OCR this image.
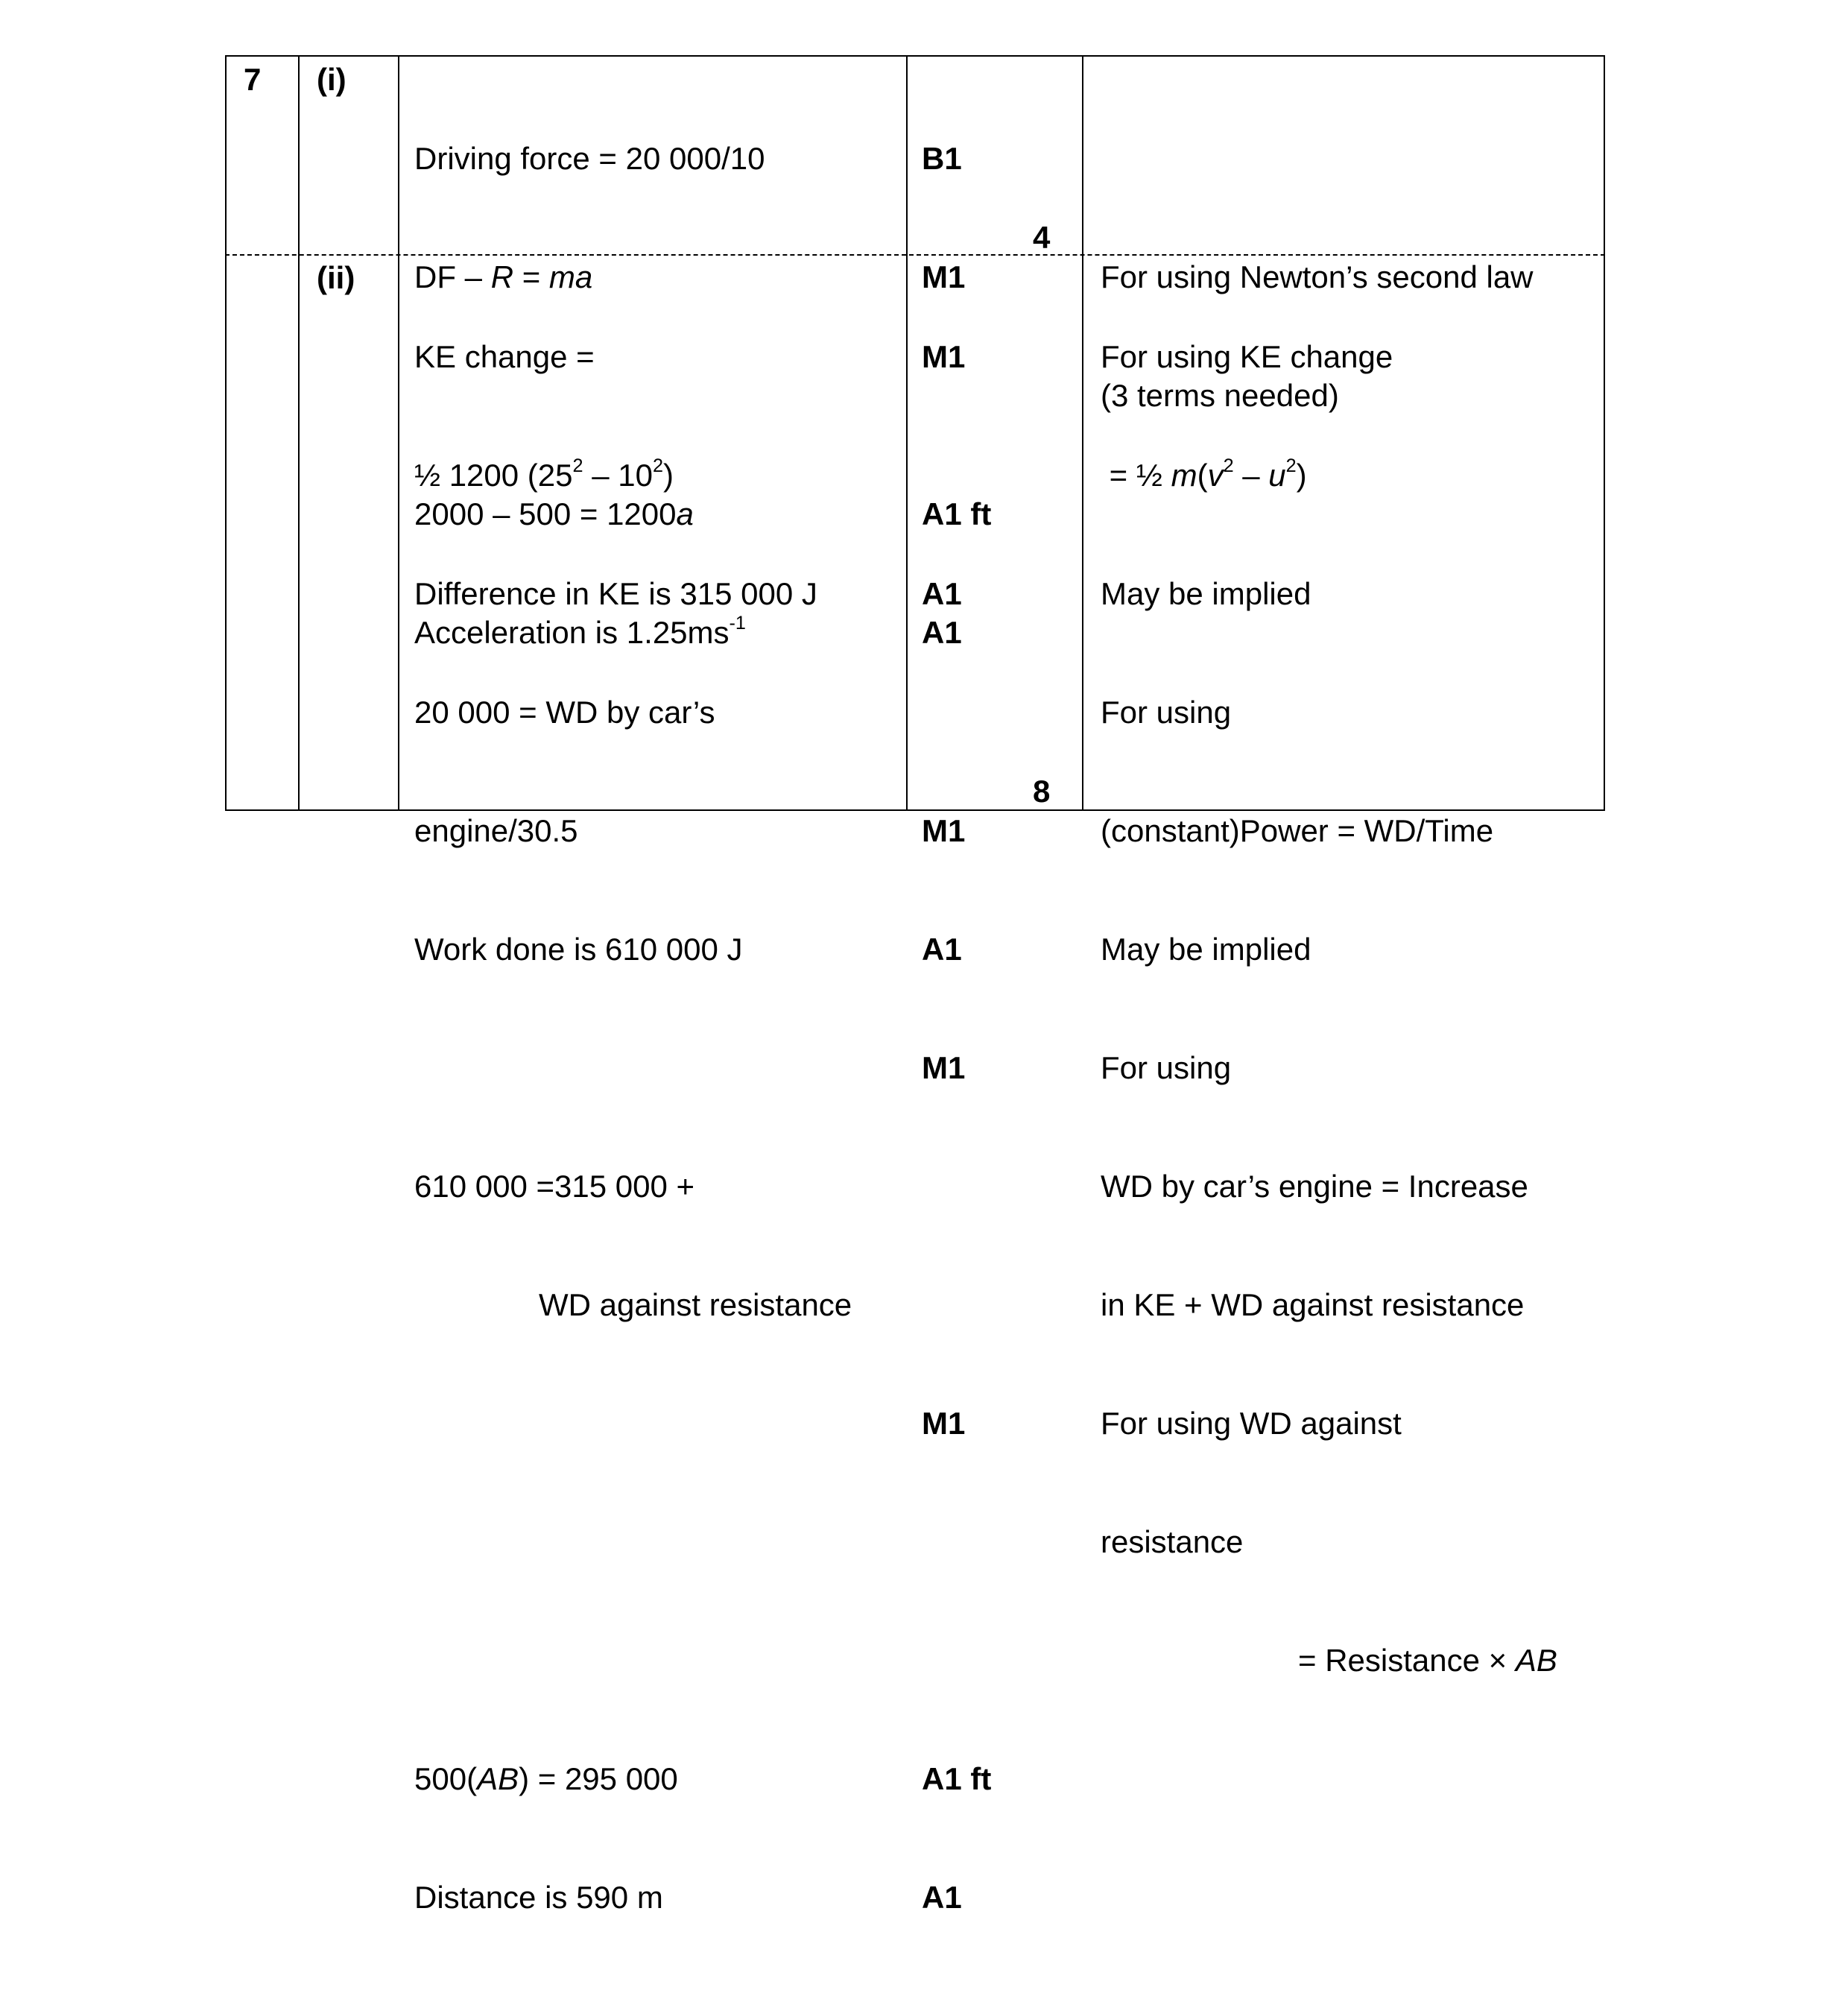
7 (i)

Driving force = 20 000/10

DF – R = ma

2000 – 500 = 1200a

Acceleration is $1.25ms^{-1}$

B1

M1

A1 ft

A1

4

For using Newton’s second law

(3 terms needed)

(ii)

KE change =

½ 1200 $(25^2 - 10^2)$

Difference in KE is 315 000 J

20 000 = WD by car’s

engine/30.5

Work done is 610 000 J

610 000 =315 000 +

WD against resistance

500(AB) = 295 000

Distance is 590 m

M1

A1

M1

A1

M1

M1

A1 ft

A1

8

For using KE change

= ½ $m(v^2 - u^2)$

May be implied

For using

(constant)Power = WD/Time

May be implied

For using

WD by car’s engine = Increase

in KE + WD against resistance

For using WD against

resistance

= Resistance × AB
